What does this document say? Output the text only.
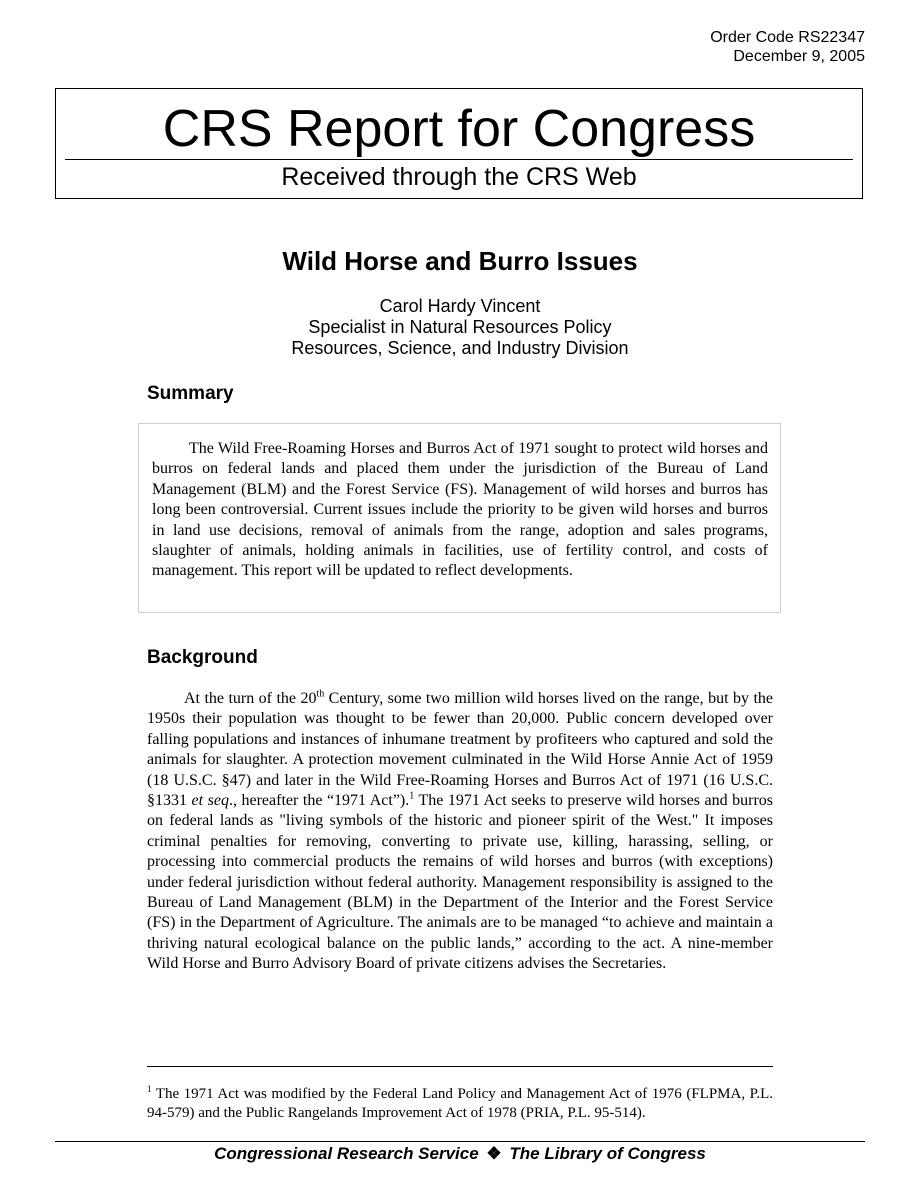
Order Code RS22347
December 9, 2005
CRS Report for Congress
Received through the CRS Web
Wild Horse and Burro Issues
Carol Hardy Vincent
Specialist in Natural Resources Policy
Resources, Science, and Industry Division
Summary

The Wild Free-Roaming Horses and Burros Act of 1971 sought to protect wild horses and burros on federal lands and placed them under the jurisdiction of the Bureau of Land Management (BLM) and the Forest Service (FS). Management of wild horses and burros has long been controversial. Current issues include the priority to be given wild horses and burros in land use decisions, removal of animals from the range, adoption and sales programs, slaughter of animals, holding animals in facilities, use of fertility control, and costs of management. This report will be updated to reflect developments.

Background

At the turn of the 20th Century, some two million wild horses lived on the range, but by the 1950s their population was thought to be fewer than 20,000. Public concern developed over falling populations and instances of inhumane treatment by profiteers who captured and sold the animals for slaughter. A protection movement culminated in the Wild Horse Annie Act of 1959 (18 U.S.C. §47) and later in the Wild Free-Roaming Horses and Burros Act of 1971 (16 U.S.C. §1331 et seq., hereafter the “1971 Act”).$^1$ The 1971 Act seeks to preserve wild horses and burros on federal lands as "living symbols of the historic and pioneer spirit of the West." It imposes criminal penalties for removing, converting to private use, killing, harassing, selling, or processing into commercial products the remains of wild horses and burros (with exceptions) under federal jurisdiction without federal authority. Management responsibility is assigned to the Bureau of Land Management (BLM) in the Department of the Interior and the Forest Service (FS) in the Department of Agriculture. The animals are to be managed “to achieve and maintain a thriving natural ecological balance on the public lands,” according to the act. A nine-member Wild Horse and Burro Advisory Board of private citizens advises the Secretaries.

$^1$ The 1971 Act was modified by the Federal Land Policy and Management Act of 1976 (FLPMA, P.L. 94-579) and the Public Rangelands Improvement Act of 1978 (PRIA, P.L. 95-514).

Congressional Research Service ❖ The Library of Congress
